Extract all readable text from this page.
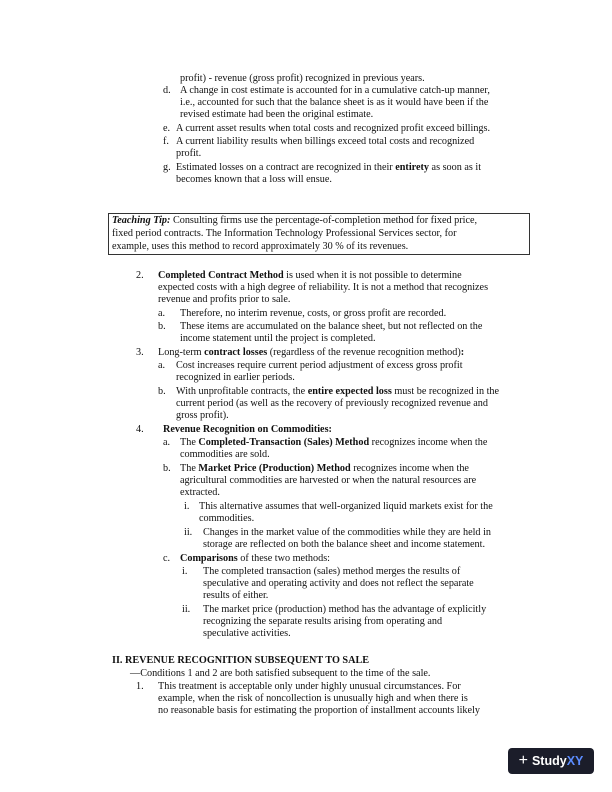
profit) - revenue (gross profit) recognized in previous years.
d. A change in cost estimate is accounted for in a cumulative catch-up manner,
i.e., accounted for such that the balance sheet is as it would have been if the
revised estimate had been the original estimate.
e. A current asset results when total costs and recognized profit exceed billings.
f. A current liability results when billings exceed total costs and recognized
profit.
g. Estimated losses on a contract are recognized in their entirety as soon as it
becomes known that a loss will ensue.
Teaching Tip: Consulting firms use the percentage-of-completion method for fixed price,
fixed period contracts. The Information Technology Professional Services sector, for
example, uses this method to record approximately 30 % of its revenues.
2. Completed Contract Method is used when it is not possible to determine
expected costs with a high degree of reliability. It is not a method that recognizes
revenue and profits prior to sale.
a. Therefore, no interim revenue, costs, or gross profit are recorded.
b. These items are accumulated on the balance sheet, but not reflected on the
income statement until the project is completed.
3. Long-term contract losses (regardless of the revenue recognition method):
a. Cost increases require current period adjustment of excess gross profit
recognized in earlier periods.
b. With unprofitable contracts, the entire expected loss must be recognized in the
current period (as well as the recovery of previously recognized revenue and
gross profit).
4. Revenue Recognition on Commodities:
a. The Completed-Transaction (Sales) Method recognizes income when the
commodities are sold.
b. The Market Price (Production) Method recognizes income when the
agricultural commodities are harvested or when the natural resources are
extracted.
i. This alternative assumes that well-organized liquid markets exist for the
commodities.
ii. Changes in the market value of the commodities while they are held in
storage are reflected on both the balance sheet and income statement.
c. Comparisons of these two methods:
i. The completed transaction (sales) method merges the results of
speculative and operating activity and does not reflect the separate
results of either.
ii. The market price (production) method has the advantage of explicitly
recognizing the separate results arising from operating and
speculative activities.
II. REVENUE RECOGNITION SUBSEQUENT TO SALE
—Conditions 1 and 2 are both satisfied subsequent to the time of the sale.
1. This treatment is acceptable only under highly unusual circumstances. For
example, when the risk of noncollection is unusually high and when there is
no reasonable basis for estimating the proportion of installment accounts likely
+ Study XY
